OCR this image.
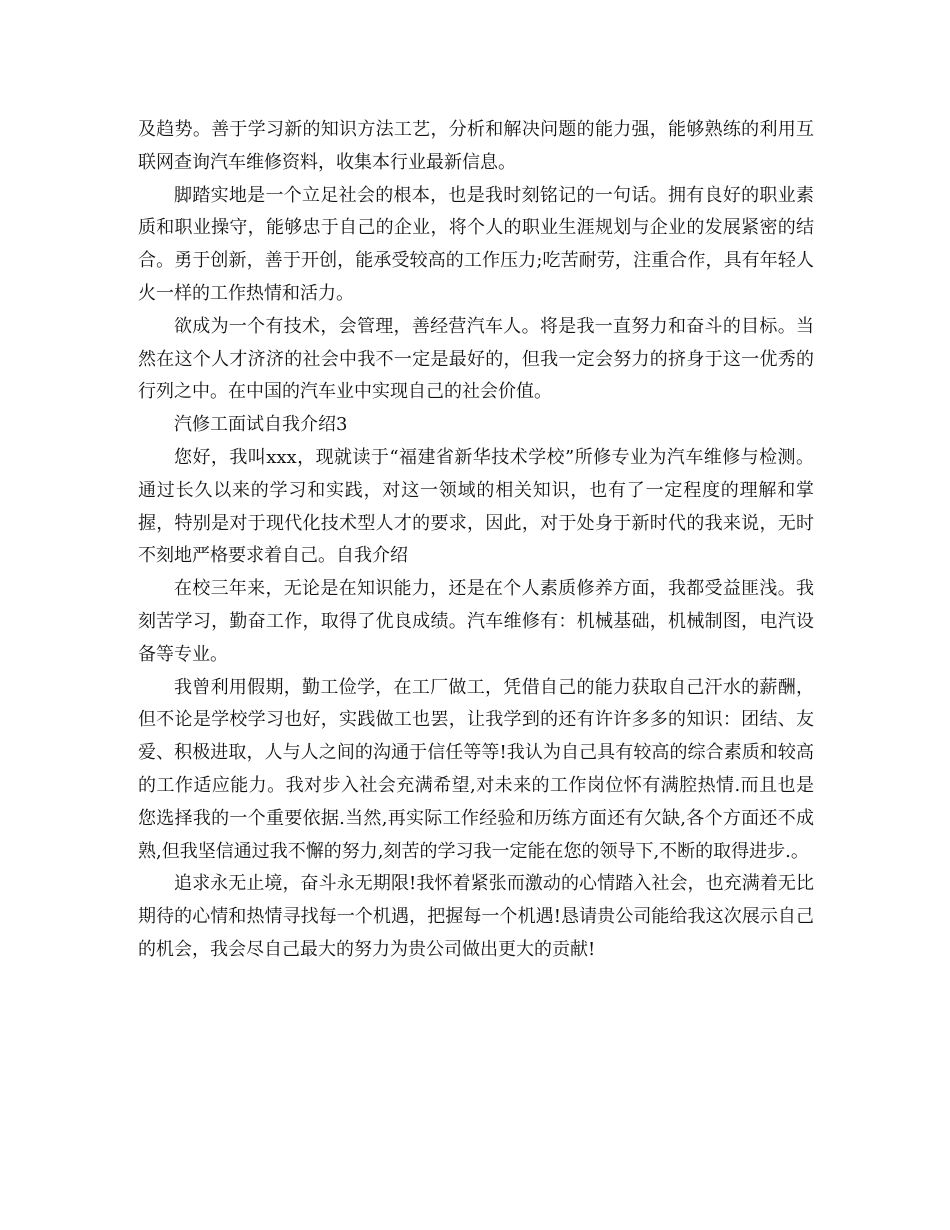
及趋势。善于学习新的知识方法工艺，分析和解决问题的能力强，能够熟练的利用互联网查询汽车维修资料，收集本行业最新信息。

脚踏实地是一个立足社会的根本，也是我时刻铭记的一句话。拥有良好的职业素质和职业操守，能够忠于自己的企业，将个人的职业生涯规划与企业的发展紧密的结合。勇于创新，善于开创，能承受较高的工作压力;吃苦耐劳，注重合作，具有年轻人火一样的工作热情和活力。

欲成为一个有技术，会管理，善经营汽车人。将是我一直努力和奋斗的目标。当然在这个人才济济的社会中我不一定是最好的，但我一定会努力的挤身于这一优秀的行列之中。在中国的汽车业中实现自己的社会价值。

汽修工面试自我介绍3

您好，我叫xxx，现就读于“福建省新华技术学校”所修专业为汽车维修与检测。通过长久以来的学习和实践，对这一领域的相关知识，也有了一定程度的理解和掌握，特别是对于现代化技术型人才的要求，因此，对于处身于新时代的我来说，无时不刻地严格要求着自己。自我介绍

在校三年来，无论是在知识能力，还是在个人素质修养方面，我都受益匪浅。我刻苦学习，勤奋工作，取得了优良成绩。汽车维修有：机械基础，机械制图，电汽设备等专业。

我曾利用假期，勤工俭学，在工厂做工，凭借自己的能力获取自己汗水的薪酬，但不论是学校学习也好，实践做工也罢，让我学到的还有许许多多的知识：团结、友爱、积极进取，人与人之间的沟通于信任等等!我认为自己具有较高的综合素质和较高的工作适应能力。我对步入社会充满希望,对未来的工作岗位怀有满腔热情.而且也是您选择我的一个重要依据.当然,再实际工作经验和历练方面还有欠缺,各个方面还不成熟,但我坚信通过我不懈的努力,刻苦的学习我一定能在您的领导下,不断的取得进步.。

追求永无止境，奋斗永无期限!我怀着紧张而激动的心情踏入社会，也充满着无比期待的心情和热情寻找每一个机遇，把握每一个机遇!恳请贵公司能给我这次展示自己的机会，我会尽自己最大的努力为贵公司做出更大的贡献!
